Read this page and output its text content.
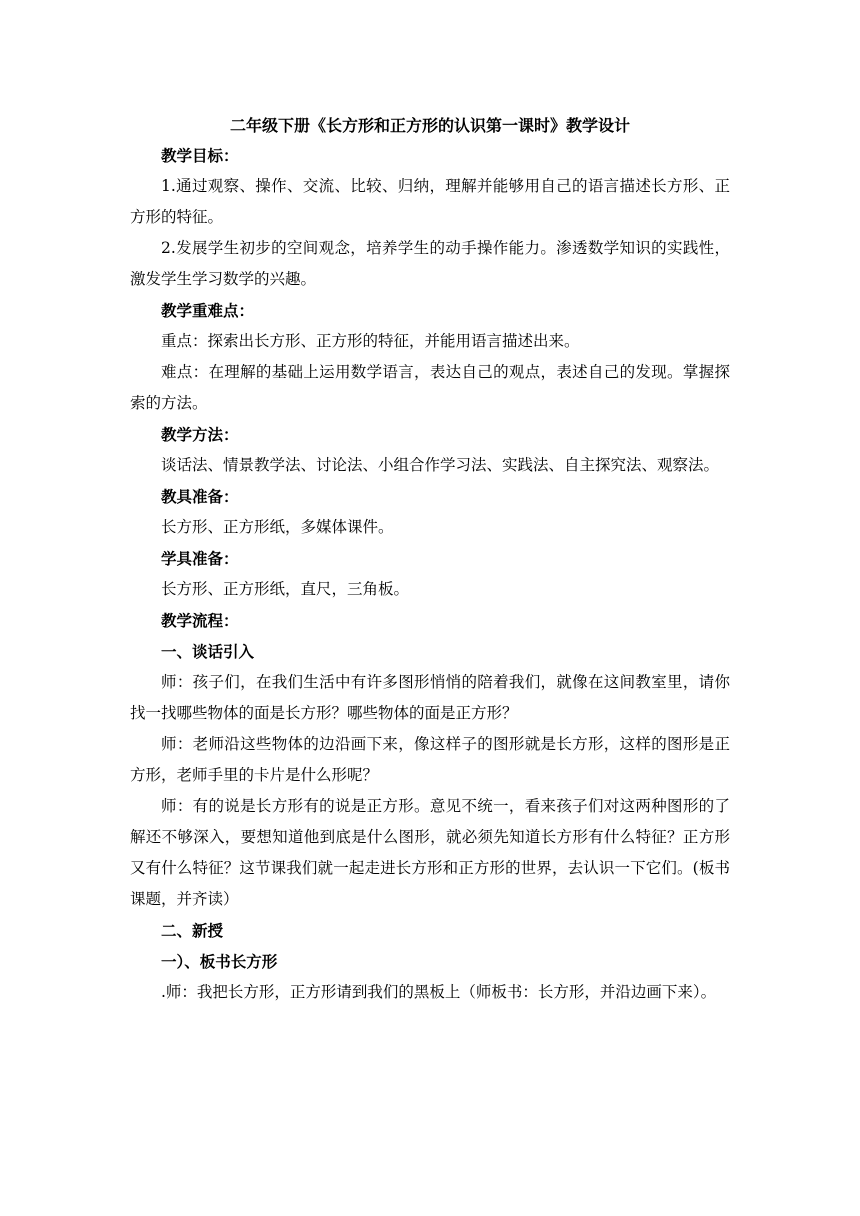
二年级下册《长方形和正方形的认识第一课时》教学设计

教学目标：

1.通过观察、操作、交流、比较、归纳，理解并能够用自己的语言描述长方形、正方形的特征。

2.发展学生初步的空间观念，培养学生的动手操作能力。渗透数学知识的实践性，激发学生学习数学的兴趣。

教学重难点：

重点：探索出长方形、正方形的特征，并能用语言描述出来。

难点：在理解的基础上运用数学语言，表达自己的观点，表述自己的发现。掌握探索的方法。

教学方法：

谈话法、情景教学法、讨论法、小组合作学习法、实践法、自主探究法、观察法。

教具准备：

长方形、正方形纸，多媒体课件。

学具准备：

长方形、正方形纸，直尺，三角板。

教学流程：

一、谈话引入

师：孩子们，在我们生活中有许多图形悄悄的陪着我们，就像在这间教室里，请你找一找哪些物体的面是长方形？哪些物体的面是正方形？

师：老师沿这些物体的边沿画下来，像这样子的图形就是长方形，这样的图形是正方形，老师手里的卡片是什么形呢？

师：有的说是长方形有的说是正方形。意见不统一，看来孩子们对这两种图形的了解还不够深入，要想知道他到底是什么图形，就必须先知道长方形有什么特征？正方形又有什么特征？这节课我们就一起走进长方形和正方形的世界，去认识一下它们。(板书课题，并齐读）

二、新授

一）、板书长方形

.师：我把长方形，正方形请到我们的黑板上（师板书：长方形，并沿边画下来）。
